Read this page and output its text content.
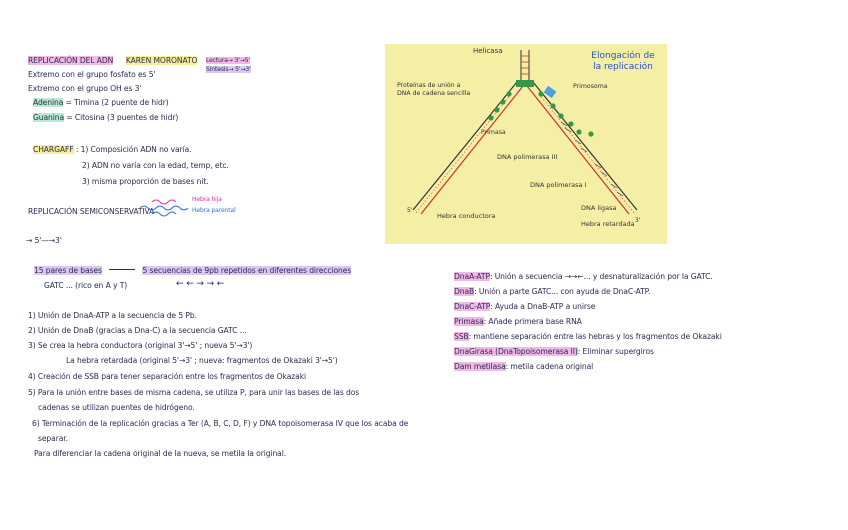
REPLICACIÓN DEL ADN KAREN MORONATO Lectura→ 3'→5'
Síntesis→ 5'→3'
Extremo con el grupo fosfato es 5'
Extremo con el grupo OH es 3'
Adenina = Timina (2 puente de hidr)
Guanina = Citosina (3 puentes de hidr)
CHARGAFF : 1) Composición ADN no varía.
2) ADN no varía con la edad, temp, etc.
3) misma proporción de bases nit.
REPLICACIÓN SEMICONSERVATIVA
Hebra hija
Hebra parental
→ 5'—→3'
15 pares de bases	5 secuencias de 9pb repetidos en diferentes direcciones
GATC ... (rico en A y T)	← ← → → ←
1) Unión de DnaA-ATP a la secuencia de 5 Pb.
2) Unión de DnaB (gracias a Dna-C) a la secuencia GATC ...
3) Se crea la hebra conductora (original 3'→5' ; nueva 5'→3')
La hebra retardada (original 5'→3' ; nueva: fragmentos de Okazaki 3'→5')
4) Creación de SSB para tener separación entre los fragmentos de Okazaki
5) Para la unión entre bases de misma cadena, se utiliza P, para unir las bases de las dos
cadenas se utilizan puentes de hidrógeno.
6) Terminación de la replicación gracias a Ter (A, B, C, D, F) y DNA topoisomerasa IV que los acaba de
separar.
Para diferenciar la cadena original de la nueva, se metila la original.
DnaA-ATP: Unión a secuencia →→←... y desnaturalización por la GATC.
DnaB: Unión a parte GATC... con ayuda de DnaC-ATP.
DnaC-ATP: Ayuda a DnaB-ATP a unirse
Primasa: Añade primera base RNA
SSB: mantiene separación entre las hebras y los fragmentos de Okazaki
DnaGirasa (DnaTopoisomerasa II): Eliminar supergiros
Dam metilasa: metila cadena original
Elongación de
la replicación
Helicasa
Proteínas de unión a
DNA de cadena sencilla
Primosoma
Primasa
DNA polimerasa III
DNA polimerasa I
DNA ligasa
Hebra conductora
Hebra retardada
5'
3'
